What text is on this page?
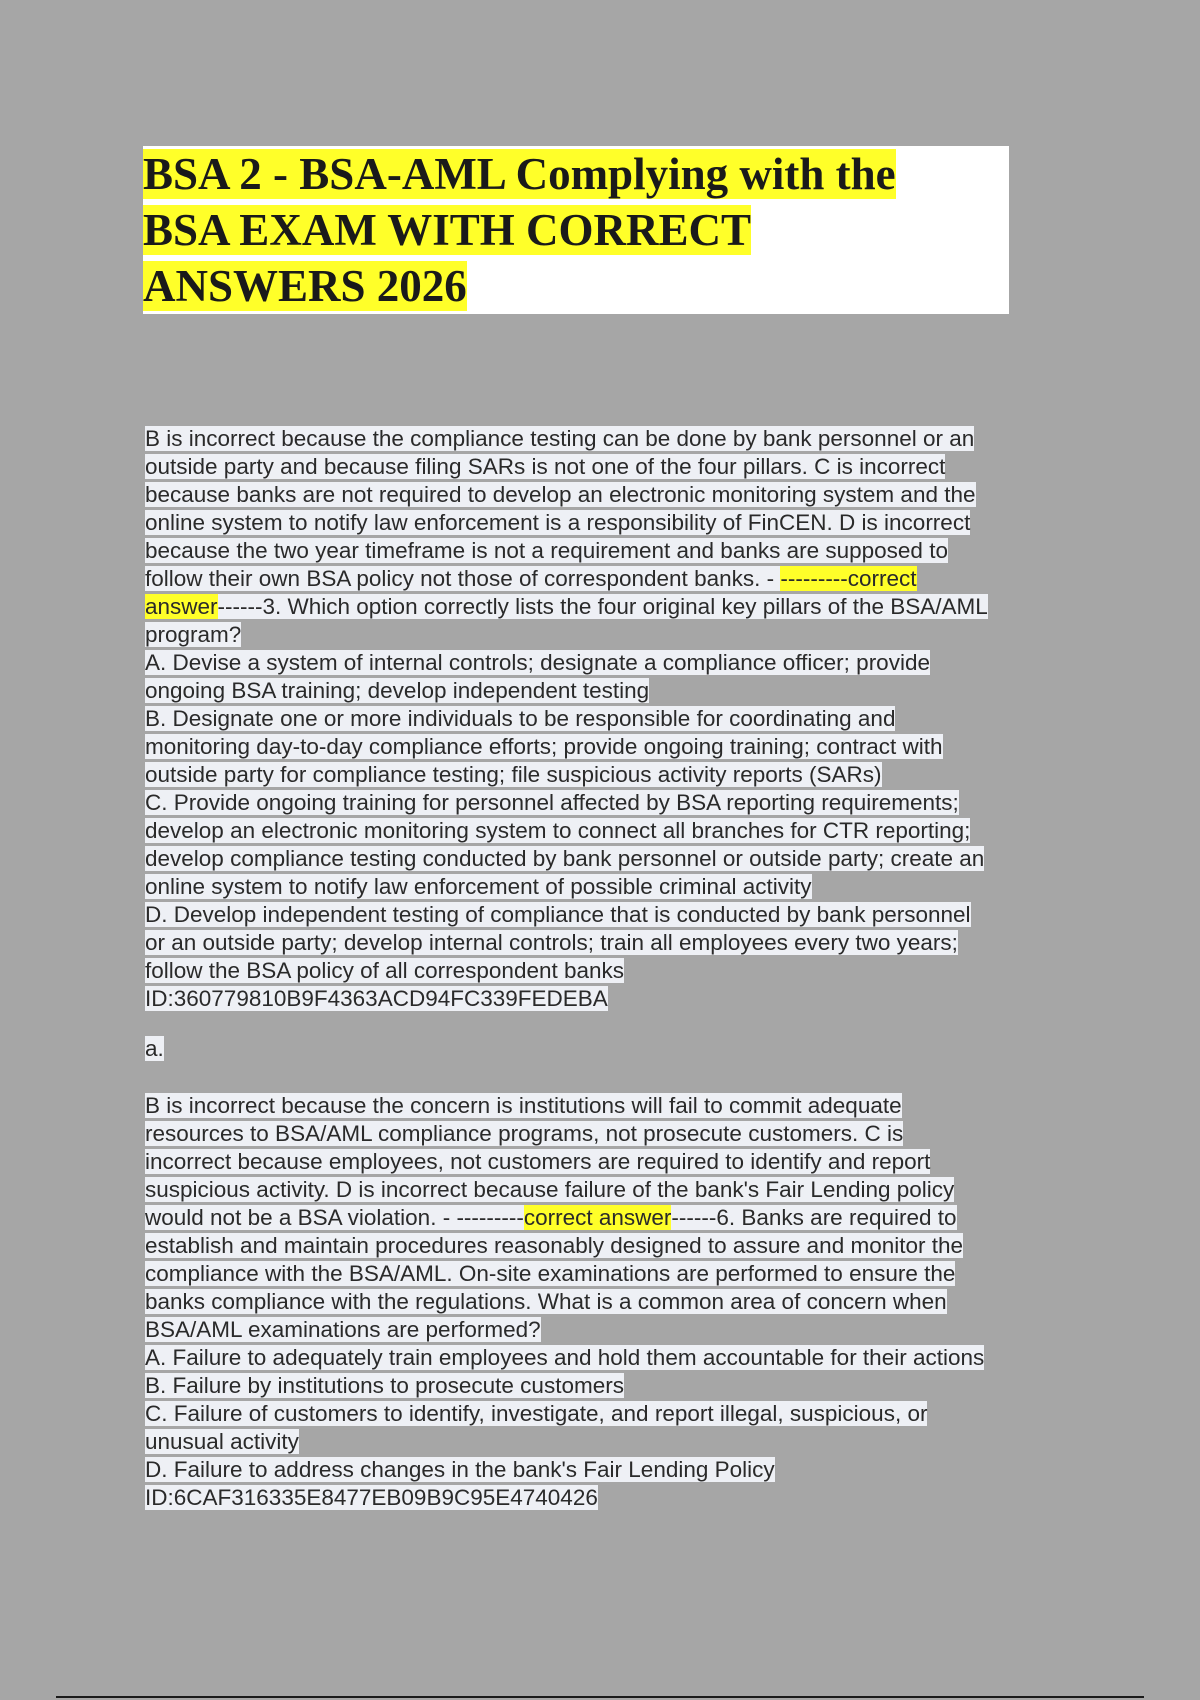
BSA 2 - BSA-AML Complying with the
BSA EXAM WITH CORRECT
ANSWERS 2026
B is incorrect because the compliance testing can be done by bank personnel or an
outside party and because filing SARs is not one of the four pillars. C is incorrect
because banks are not required to develop an electronic monitoring system and the
online system to notify law enforcement is a responsibility of FinCEN. D is incorrect
because the two year timeframe is not a requirement and banks are supposed to
follow their own BSA policy not those of correspondent banks. - ---------correct
answer------3. Which option correctly lists the four original key pillars of the BSA/AML
program?
A. Devise a system of internal controls; designate a compliance officer; provide
ongoing BSA training; develop independent testing
B. Designate one or more individuals to be responsible for coordinating and
monitoring day-to-day compliance efforts; provide ongoing training; contract with
outside party for compliance testing; file suspicious activity reports (SARs)
C. Provide ongoing training for personnel affected by BSA reporting requirements;
develop an electronic monitoring system to connect all branches for CTR reporting;
develop compliance testing conducted by bank personnel or outside party; create an
online system to notify law enforcement of possible criminal activity
D. Develop independent testing of compliance that is conducted by bank personnel
or an outside party; develop internal controls; train all employees every two years;
follow the BSA policy of all correspondent banks
ID:360779810B9F4363ACD94FC339FEDEBA
a.
B is incorrect because the concern is institutions will fail to commit adequate
resources to BSA/AML compliance programs, not prosecute customers. C is
incorrect because employees, not customers are required to identify and report
suspicious activity. D is incorrect because failure of the bank's Fair Lending policy
would not be a BSA violation. - ---------correct answer------6. Banks are required to
establish and maintain procedures reasonably designed to assure and monitor the
compliance with the BSA/AML. On-site examinations are performed to ensure the
banks compliance with the regulations. What is a common area of concern when
BSA/AML examinations are performed?
A. Failure to adequately train employees and hold them accountable for their actions
B. Failure by institutions to prosecute customers
C. Failure of customers to identify, investigate, and report illegal, suspicious, or
unusual activity
D. Failure to address changes in the bank's Fair Lending Policy
ID:6CAF316335E8477EB09B9C95E4740426
